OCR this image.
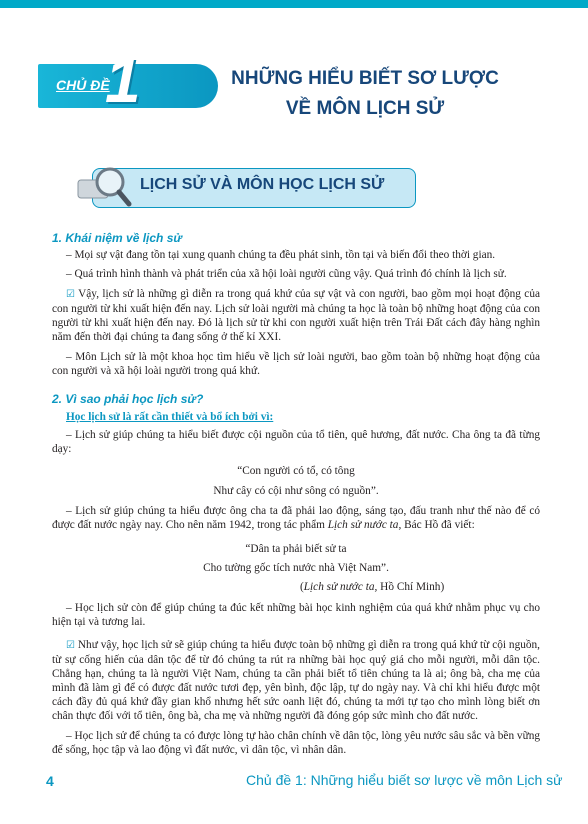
CHỦ ĐỀ
1	NHỮNG HIỂU BIẾT SƠ LƯỢC
VỀ MÔN LỊCH SỬ
LỊCH SỬ VÀ MÔN HỌC LỊCH SỬ
1. Khái niệm về lịch sử
– Mọi sự vật đang tồn tại xung quanh chúng ta đều phát sinh, tồn tại và biến đổi theo thời gian.
– Quá trình hình thành và phát triển của xã hội loài người cũng vậy. Quá trình đó chính là lịch sử.
☑ Vậy, lịch sử là những gì diễn ra trong quá khứ của sự vật và con người, bao gồm mọi hoạt động của con người từ khi xuất hiện đến nay. Lịch sử loài người mà chúng ta học là toàn bộ những hoạt động của con người từ khi xuất hiện đến nay. Đó là lịch sử từ khi con người xuất hiện trên Trái Đất cách đây hàng nghìn năm đến thời đại chúng ta đang sống ở thế kỉ XXI.
– Môn Lịch sử là một khoa học tìm hiểu về lịch sử loài người, bao gồm toàn bộ những hoạt động của con người và xã hội loài người trong quá khứ.
2. Vì sao phải học lịch sử?
Học lịch sử là rất cần thiết và bổ ích bởi vì:
– Lịch sử giúp chúng ta hiểu biết được cội nguồn của tổ tiên, quê hương, đất nước. Cha ông ta đã từng dạy:
“Con người có tổ, có tông
Như cây có cội như sông có nguồn”.
– Lịch sử giúp chúng ta hiểu được ông cha ta đã phải lao động, sáng tạo, đấu tranh như thế nào để có được đất nước ngày nay. Cho nên năm 1942, trong tác phẩm Lịch sử nước ta, Bác Hồ đã viết:
“Dân ta phải biết sử ta
Cho tường gốc tích nước nhà Việt Nam”.
(Lịch sử nước ta, Hồ Chí Minh)
– Học lịch sử còn để giúp chúng ta đúc kết những bài học kinh nghiệm của quá khứ nhằm phục vụ cho hiện tại và tương lai.
☑ Như vậy, học lịch sử sẽ giúp chúng ta hiểu được toàn bộ những gì diễn ra trong quá khứ từ cội nguồn, từ sự cống hiến của dân tộc để từ đó chúng ta rút ra những bài học quý giá cho mỗi người, mỗi dân tộc. Chẳng hạn, chúng ta là người Việt Nam, chúng ta cần phải biết tổ tiên chúng ta là ai; ông bà, cha mẹ của mình đã làm gì để có được đất nước tươi đẹp, yên bình, độc lập, tự do ngày nay. Và chỉ khi hiểu được một cách đầy đủ quá khứ đầy gian khổ nhưng hết sức oanh liệt đó, chúng ta mới tự tạo cho mình lòng biết ơn chân thực đối với tổ tiên, ông bà, cha mẹ và những người đã đóng góp sức mình cho đất nước.
– Học lịch sử để chúng ta có được lòng tự hào chân chính về dân tộc, lòng yêu nước sâu sắc và bền vững để sống, học tập và lao động vì đất nước, vì dân tộc, vì nhân dân.
4	Chủ đề 1: Những hiểu biết sơ lược về môn Lịch sử
